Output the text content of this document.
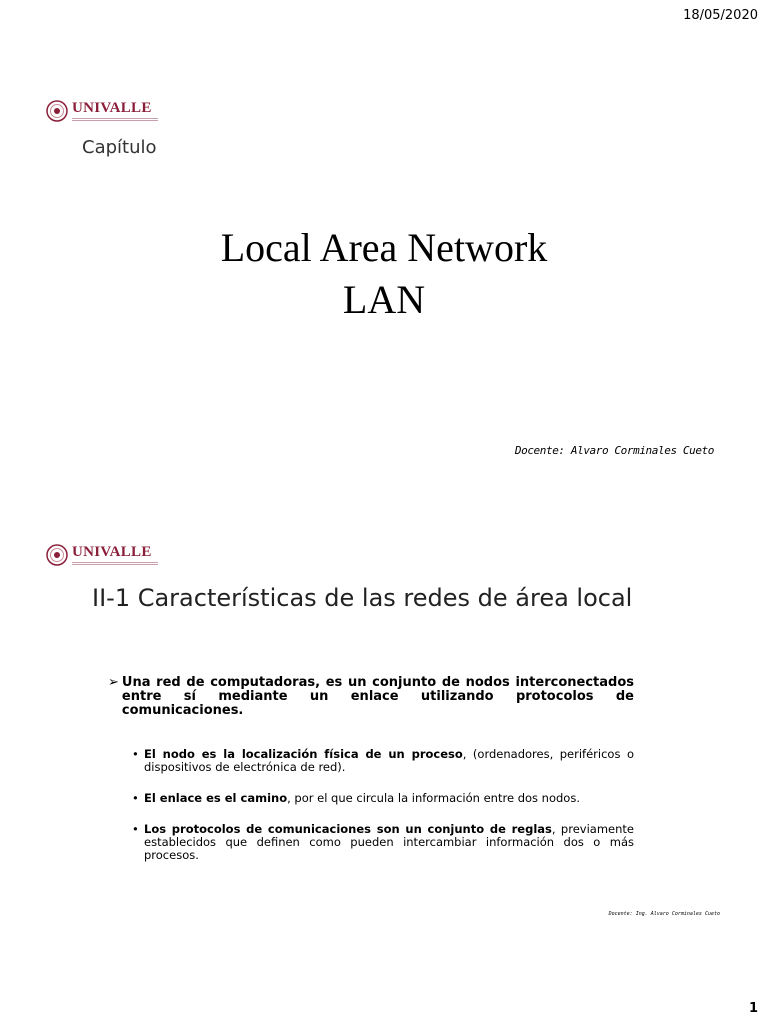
18/05/2020
UNIVALLE
Capítulo
Local Area Network
LAN
Docente: Alvaro Corminales Cueto
UNIVALLE
II-1 Características de las redes de área local
➢ Una red de computadoras, es un conjunto de nodos interconectados entre sí mediante un enlace utilizando protocolos de comunicaciones.
• El nodo es la localización física de un proceso, (ordenadores, periféricos o dispositivos de electrónica de red).
• El enlace es el camino, por el que circula la información entre dos nodos.
• Los protocolos de comunicaciones son un conjunto de reglas, previamente establecidos que definen como pueden intercambiar información dos o más procesos.
Docente: Ing. Alvaro Corminales Cueto
1
